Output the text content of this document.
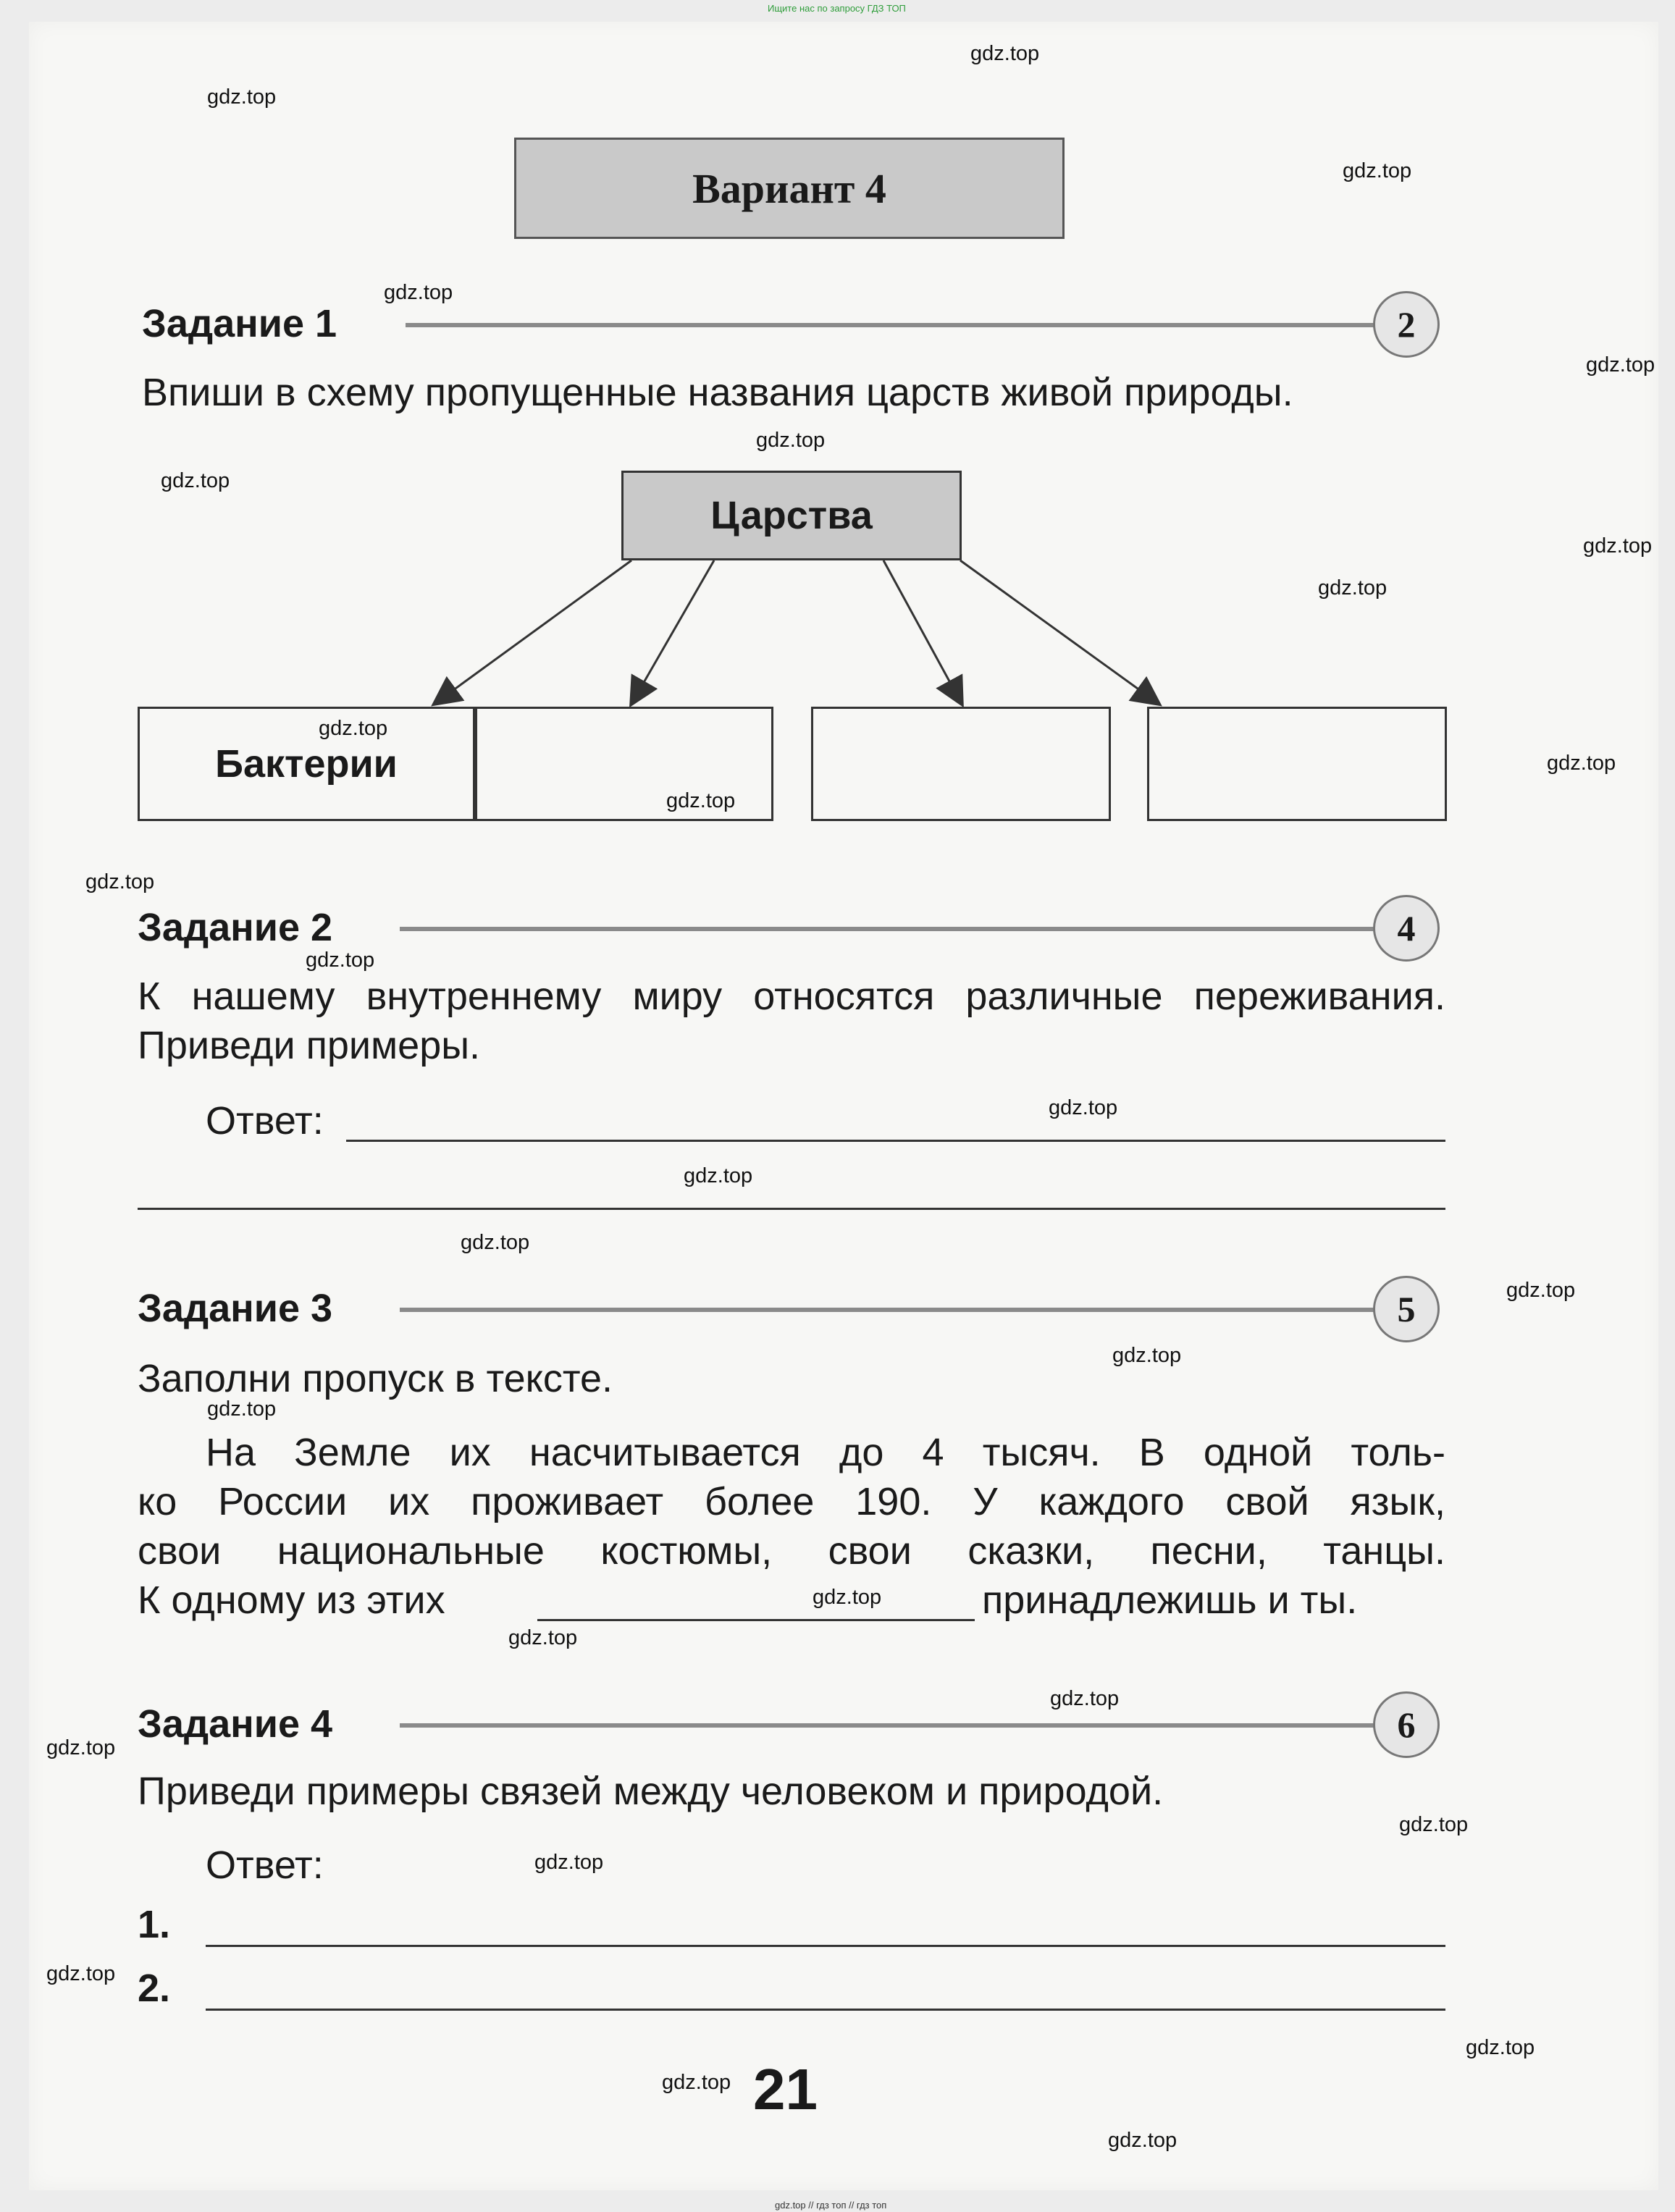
Ищите нас по запросу ГДЗ ТОП
gdz.top
gdz.top
gdz.top
gdz.top
gdz.top
gdz.top
gdz.top
gdz.top
gdz.top
gdz.top
gdz.top
gdz.top
gdz.top
gdz.top
gdz.top
gdz.top
gdz.top
gdz.top
gdz.top
gdz.top
gdz.top
gdz.top
gdz.top
gdz.top
gdz.top
gdz.top
gdz.top
gdz.top
gdz.top
gdz.top
Вариант 4
Задание 1	2
Впиши в схему пропущенные названия царств живой природы.
Царства
Бактерии
Задание 2	4
К нашему внутреннему миру относятся различные переживания. Приведи примеры.
Ответ:
Задание 3	5
Заполни пропуск в тексте.
На Земле их насчитывается до 4 тысяч. В одной толь-
ко России их проживает более 190. У каждого свой язык,
свои национальные костюмы, свои сказки, песни, танцы.
К одному из этих	принадлежишь и ты.
Задание 4	6
Приведи примеры связей между человеком и природой.
Ответ:
1.
2.
21
gdz.top // гдз топ // гдз топ
